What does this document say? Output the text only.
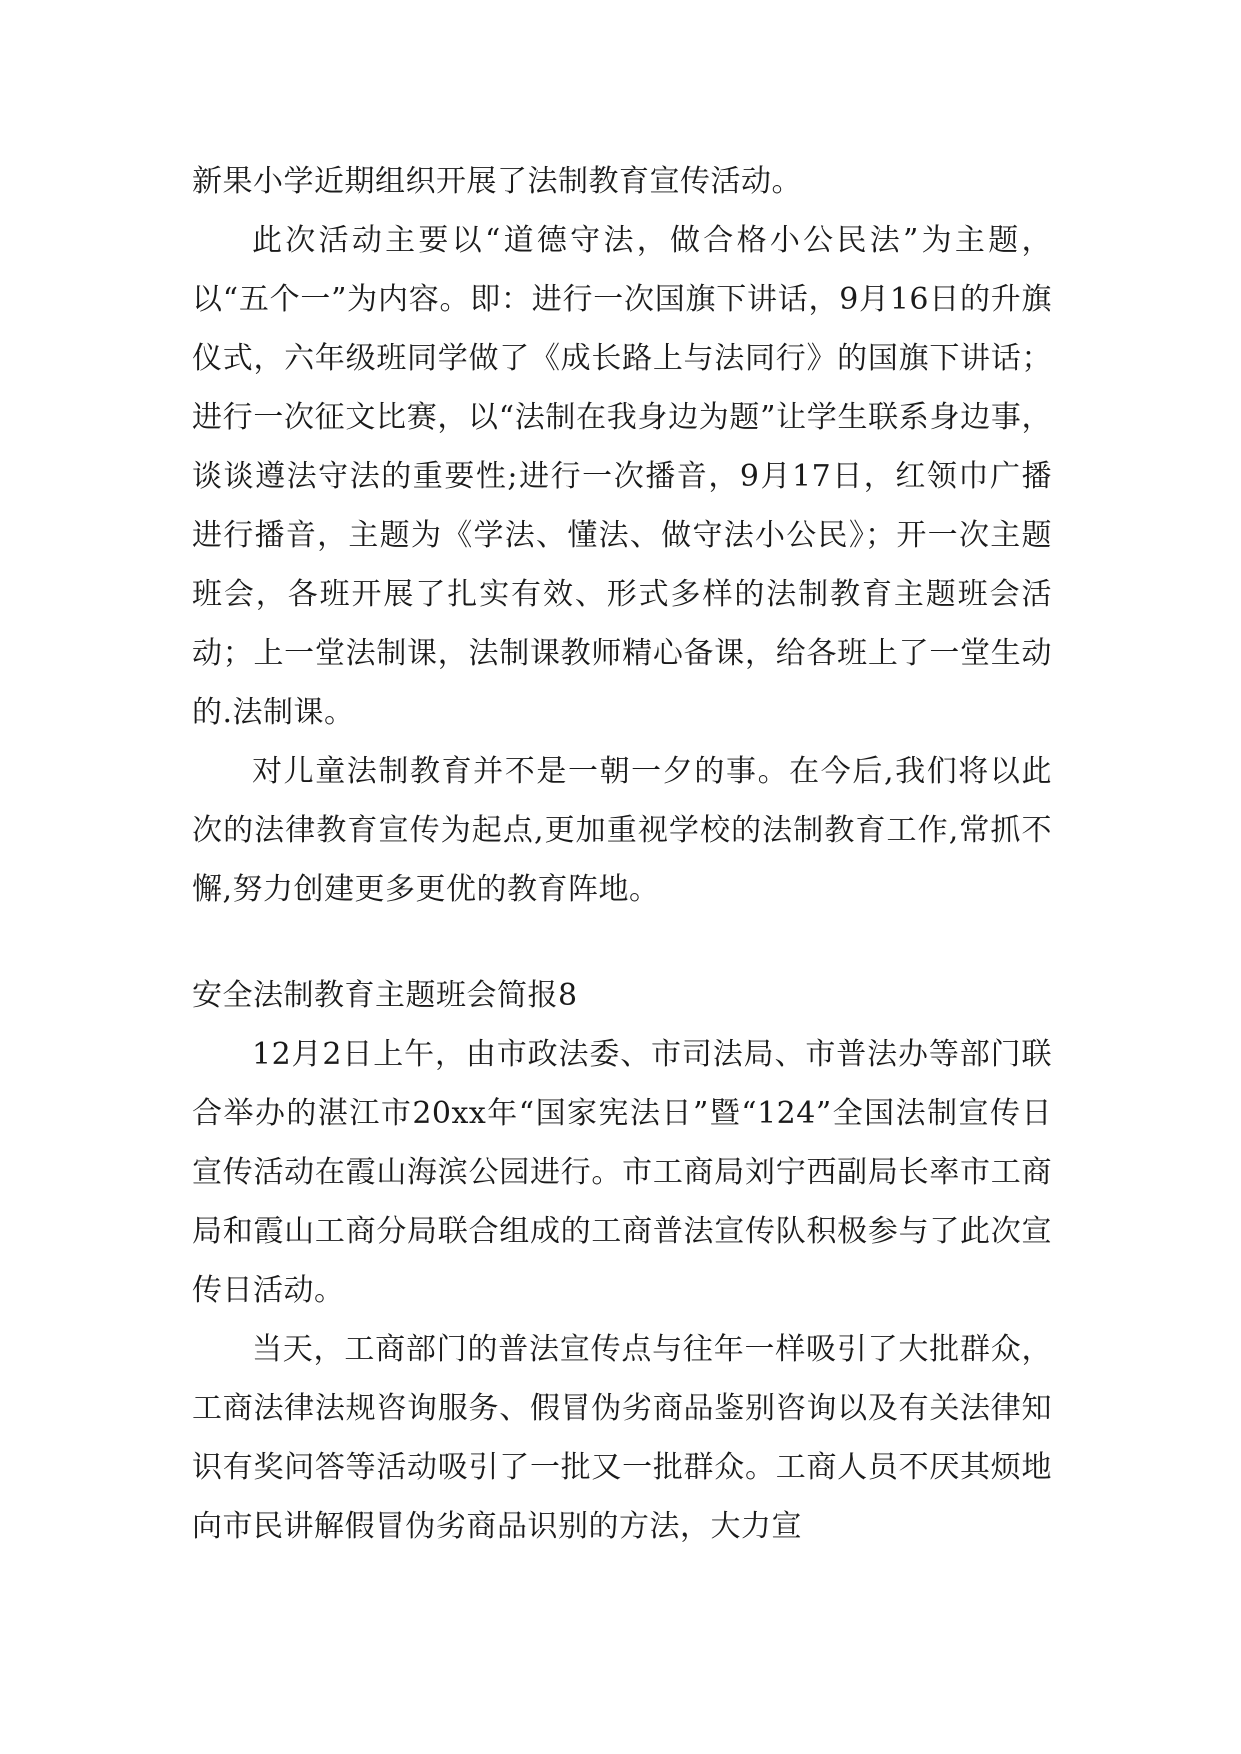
新果小学近期组织开展了法制教育宣传活动。

此次活动主要以“道德守法，做合格小公民法”为主题，以“五个一”为内容。即：进行一次国旗下讲话，9月16日的升旗仪式，六年级班同学做了《成长路上与法同行》的国旗下讲话；进行一次征文比赛，以“法制在我身边为题”让学生联系身边事，谈谈遵法守法的重要性;进行一次播音，9月17日，红领巾广播进行播音，主题为《学法、懂法、做守法小公民》；开一次主题班会，各班开展了扎实有效、形式多样的法制教育主题班会活动；上一堂法制课，法制课教师精心备课，给各班上了一堂生动的.法制课。

对儿童法制教育并不是一朝一夕的事。在今后,我们将以此次的法律教育宣传为起点,更加重视学校的法制教育工作,常抓不懈,努力创建更多更优的教育阵地。

安全法制教育主题班会简报8

12月2日上午，由市政法委、市司法局、市普法办等部门联合举办的湛江市20xx年“国家宪法日”暨“124”全国法制宣传日宣传活动在霞山海滨公园进行。市工商局刘宁西副局长率市工商局和霞山工商分局联合组成的工商普法宣传队积极参与了此次宣传日活动。

当天，工商部门的普法宣传点与往年一样吸引了大批群众，工商法律法规咨询服务、假冒伪劣商品鉴别咨询以及有关法律知识有奖问答等活动吸引了一批又一批群众。工商人员不厌其烦地向市民讲解假冒伪劣商品识别的方法，大力宣
